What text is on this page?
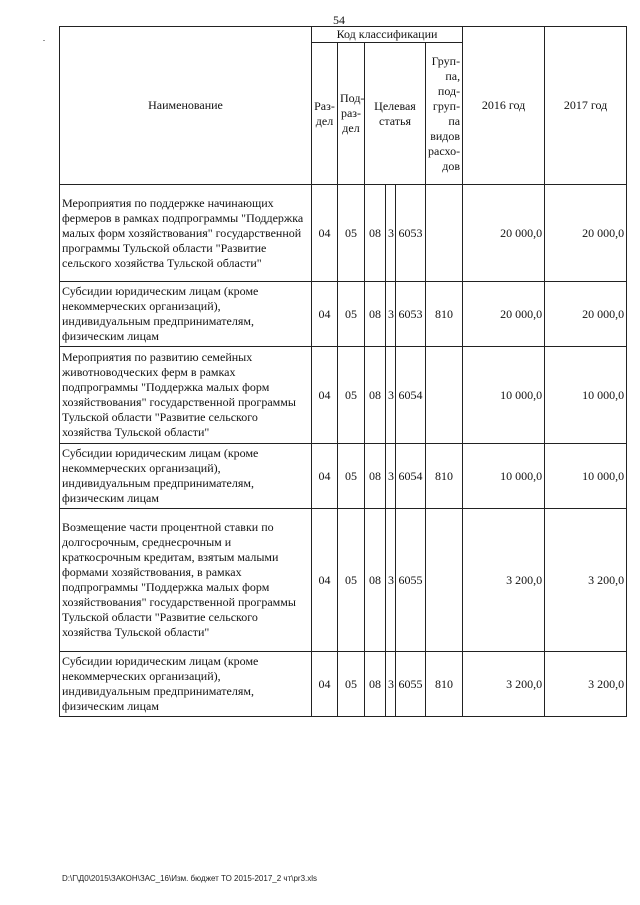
54
Наименование	Код классификации						2016 год	2017 год
	Раз-дел	Под-раз-дел	Целевая статья			Груп-па, под-груп-па видов расхо-дов		
Мероприятия по поддержке начинающих фермеров в рамках подпрограммы "Поддержка малых форм хозяйствования" государственной программы Тульской области "Развитие сельского хозяйства Тульской области"	04	05	08	3	6053		20 000,0	20 000,0
Субсидии юридическим лицам (кроме некоммерческих организаций), индивидуальным предпринимателям, физическим лицам	04	05	08	3	6053	810	20 000,0	20 000,0
Мероприятия по развитию семейных животноводческих ферм в рамках подпрограммы "Поддержка малых форм хозяйствования" государственной программы Тульской области "Развитие сельского хозяйства Тульской области"	04	05	08	3	6054		10 000,0	10 000,0
Субсидии юридическим лицам (кроме некоммерческих организаций), индивидуальным предпринимателям, физическим лицам	04	05	08	3	6054	810	10 000,0	10 000,0
Возмещение части процентной ставки по долгосрочным, среднесрочным и краткосрочным кредитам, взятым малыми формами хозяйствования, в рамках подпрограммы "Поддержка малых форм хозяйствования" государственной программы Тульской области "Развитие сельского хозяйства Тульской области"	04	05	08	3	6055		3 200,0	3 200,0
Субсидии юридическим лицам (кроме некоммерческих организаций), индивидуальным предпринимателям, физическим лицам	04	05	08	3	6055	810	3 200,0	3 200,0
D:\Г\Д0\2015\ЗАКОН\ЗАС_16\Изм. бюджет ТО 2015-2017_2 чт\pr3.xls
